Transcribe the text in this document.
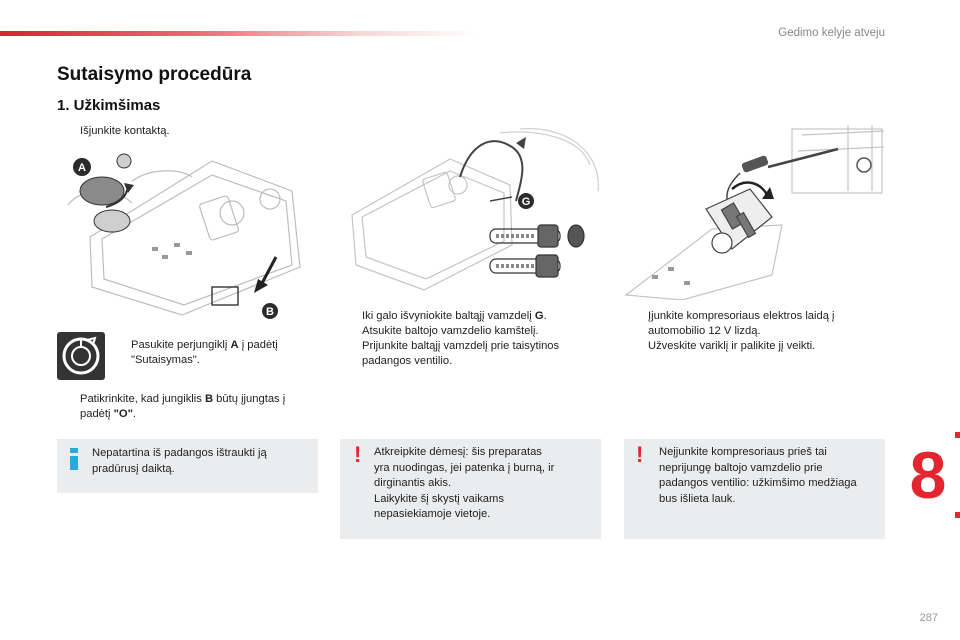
Gedimo kelyje atveju
Sutaisymo procedūra
1. Užkimšimas
Išjunkite kontaktą.
A
B
Pasukite perjungiklį A į padėtį
"Sutaisymas".
Patikrinkite, kad jungiklis B būtų įjungtas į
padėtį "O".
G
Iki galo išvyniokite baltąjį vamzdelį G.
Atsukite baltojo vamzdelio kamštelį.
Prijunkite baltąjį vamzdelį prie taisytinos
padangos ventilio.
Įjunkite kompresoriaus elektros laidą į
automobilio 12 V lizdą.
Užveskite variklį ir palikite jį veikti.
Nepatartina iš padangos ištraukti ją
pradūrusį daiktą.
! Atkreipkite dėmesį: šis preparatas
yra nuodingas, jei patenka į burną, ir
dirginantis akis.
Laikykite šį skystį vaikams
nepasiekiamoje vietoje.
! Neįjunkite kompresoriaus prieš tai
neprijungę baltojo vamzdelio prie
padangos ventilio: užkimšimo medžiaga
bus išlieta lauk.	8
287
